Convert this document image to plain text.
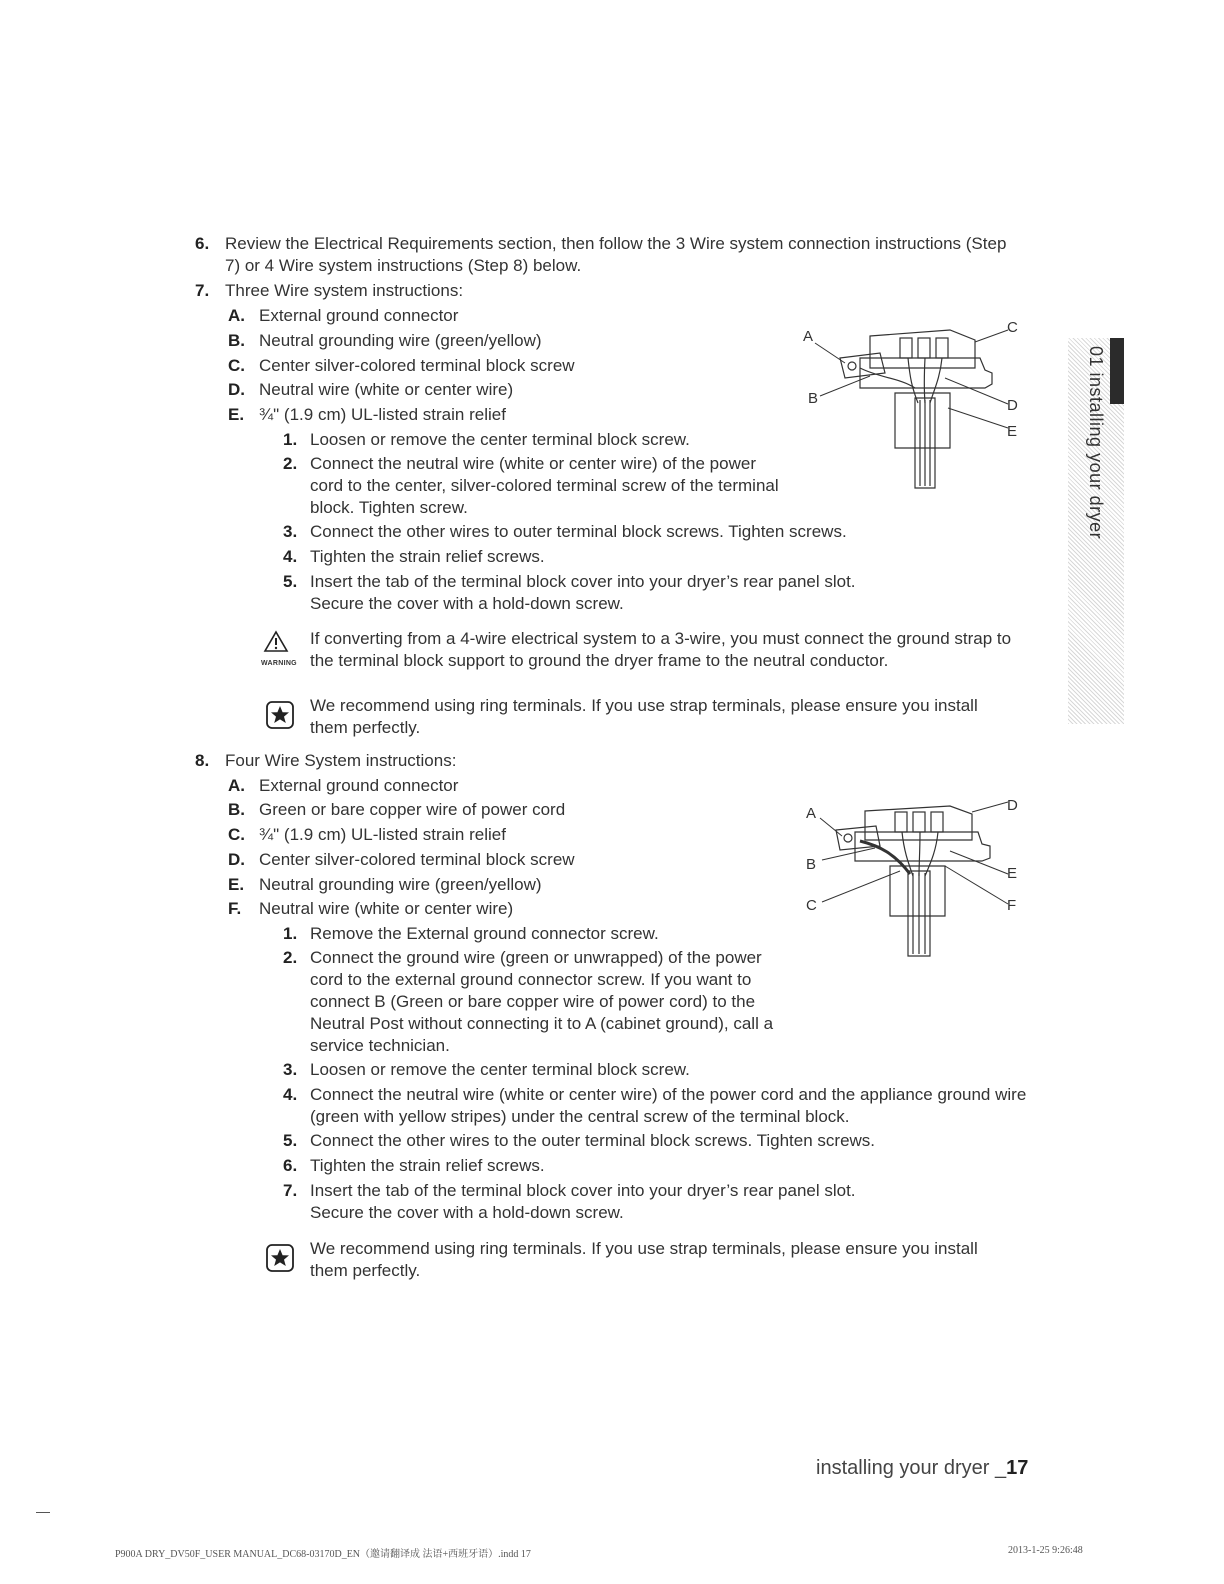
6. Review the Electrical Requirements section, then follow the 3 Wire system connection instructions (Step
7) or 4 Wire system instructions (Step 8) below.
7. Three Wire system instructions:
A. External ground connector
B. Neutral grounding wire (green/yellow)
C. Center silver-colored terminal block screw
D. Neutral wire (white or center wire)
E. ¾" (1.9 cm) UL-listed strain relief
1. Loosen or remove the center terminal block screw.
2. Connect the neutral wire (white or center wire) of the power cord to the center, silver-colored terminal screw of the terminal block. Tighten screw.
3. Connect the other wires to outer terminal block screws. Tighten screws.
4. Tighten the strain relief screws.
5. Insert the tab of the terminal block cover into your dryer’s rear panel slot. Secure the cover with a hold-down screw.
A
B
C
D
E
WARNING
If converting from a 4-wire electrical system to a 3-wire, you must connect the ground strap to the terminal block support to ground the dryer frame to the neutral conductor.
We recommend using ring terminals. If you use strap terminals, please ensure you install them perfectly.
8. Four Wire System instructions:
A. External ground connector
B. Green or bare copper wire of power cord
C. ¾" (1.9 cm) UL-listed strain relief
D. Center silver-colored terminal block screw
E. Neutral grounding wire (green/yellow)
F. Neutral wire (white or center wire)
1. Remove the External ground connector screw.
2. Connect the ground wire (green or unwrapped) of the power cord to the external ground connector screw. If you want to connect B (Green or bare copper wire of power cord) to the Neutral Post without connecting it to A (cabinet ground), call a service technician.
3. Loosen or remove the center terminal block screw.
4. Connect the neutral wire (white or center wire) of the power cord and the appliance ground wire (green with yellow stripes) under the central screw of the terminal block.
5. Connect the other wires to the outer terminal block screws. Tighten screws.
6. Tighten the strain relief screws.
7. Insert the tab of the terminal block cover into your dryer’s rear panel slot. Secure the cover with a hold-down screw.
A
B
C
D
E
F
We recommend using ring terminals. If you use strap terminals, please ensure you install them perfectly.
01 installing your dryer
installing your dryer _17
P900A DRY_DV50F_USER MANUAL_DC68-03170D_EN（邀请翻译成 法语+西班牙语）.indd 17	2013-1-25 9:26:48
